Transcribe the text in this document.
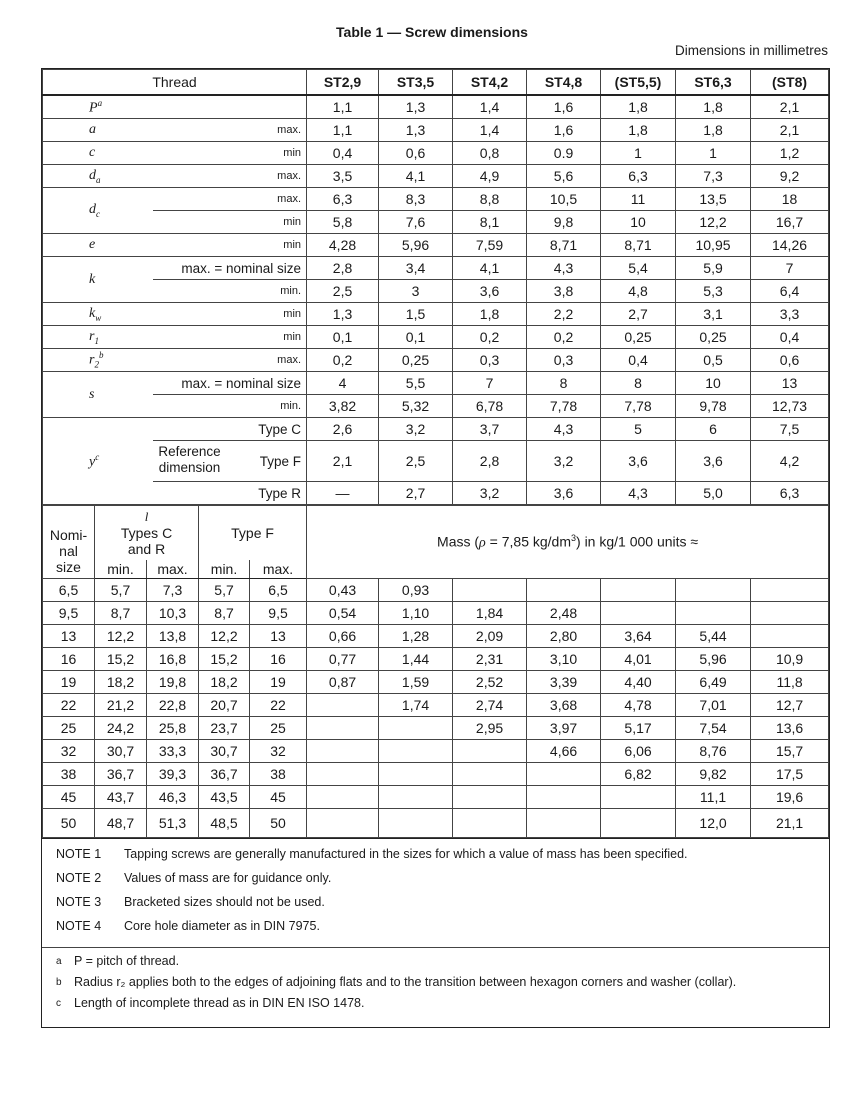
Table 1 — Screw dimensions
Dimensions in millimetres
Thread		ST2,9	ST3,5	ST4,2	ST4,8	(ST5,5)	ST6,3	(ST8)
$P^a$		1,1	1,3	1,4	1,6	1,8	1,8	2,1
a	max.	1,1	1,3	1,4	1,6	1,8	1,8	2,1
c	min	0,4	0,6	0,8	0.9	1	1	1,2
$d_a$	max.	3,5	4,1	4,9	5,6	6,3	7,3	9,2
$d_c$	max.	6,3	8,3	8,8	10,5	11	13,5	18
	min	5,8	7,6	8,1	9,8	10	12,2	16,7
e	min	4,28	5,96	7,59	8,71	8,71	10,95	14,26
k	max. = nominal size	2,8	3,4	4,1	4,3	5,4	5,9	7
	min.	2,5	3	3,6	3,8	4,8	5,3	6,4
$k_w$	min	1,3	1,5	1,8	2,2	2,7	3,1	3,3
$r_1$	min	0,1	0,1	0,2	0,2	0,25	0,25	0,4
$r_2^b$	max.	0,2	0,25	0,3	0,3	0,4	0,5	0,6
s	max. = nominal size	4	5,5	7	8	8	10	13
	min.	3,82	5,32	6,78	7,78	7,78	9,78	12,73
$y^c$	Type C	2,6	3,2	3,7	4,3	5	6	7,5

	Reference dimension Type F	2,1	2,5	2,8	3,2	3,6	3,6	4,2
	Type R	—	2,7	3,2	3,6	4,3	5,0	6,3
Nomi-
nal
size

l
Types C
and R
	Type F	Mass (ρ = 7,85 $kg/dm^3$) in kg/1 000 units ≈
	min.	max.	min.	max.							
6,5	5,7	7,3	5,7	6,5	0,43	0,93					
9,5	8,7	10,3	8,7	9,5	0,54	1,10	1,84	2,48			
13	12,2	13,8	12,2	13	0,66	1,28	2,09	2,80	3,64	5,44	
16	15,2	16,8	15,2	16	0,77	1,44	2,31	3,10	4,01	5,96	10,9
19	18,2	19,8	18,2	19	0,87	1,59	2,52	3,39	4,40	6,49	11,8
22	21,2	22,8	20,7	22		1,74	2,74	3,68	4,78	7,01	12,7
25	24,2	25,8	23,7	25			2,95	3,97	5,17	7,54	13,6
32	30,7	33,3	30,7	32				4,66	6,06	8,76	15,7
38	36,7	39,3	36,7	38					6,82	9,82	17,5
45	43,7	46,3	43,5	45						11,1	19,6
50	48,7	51,3	48,5	50						12,0	21,1
NOTE 1	Tapping screws are generally manufactured in the sizes for which a value of mass has been specified.
NOTE 2	Values of mass are for guidance only.
NOTE 3	Bracketed sizes should not be used.
NOTE 4	Core hole diameter as in DIN 7975.
a P = pitch of thread.
b Radius r₂ applies both to the edges of adjoining flats and to the transition between hexagon corners and washer (collar).
c	Length of incomplete thread as in DIN EN ISO 1478.
